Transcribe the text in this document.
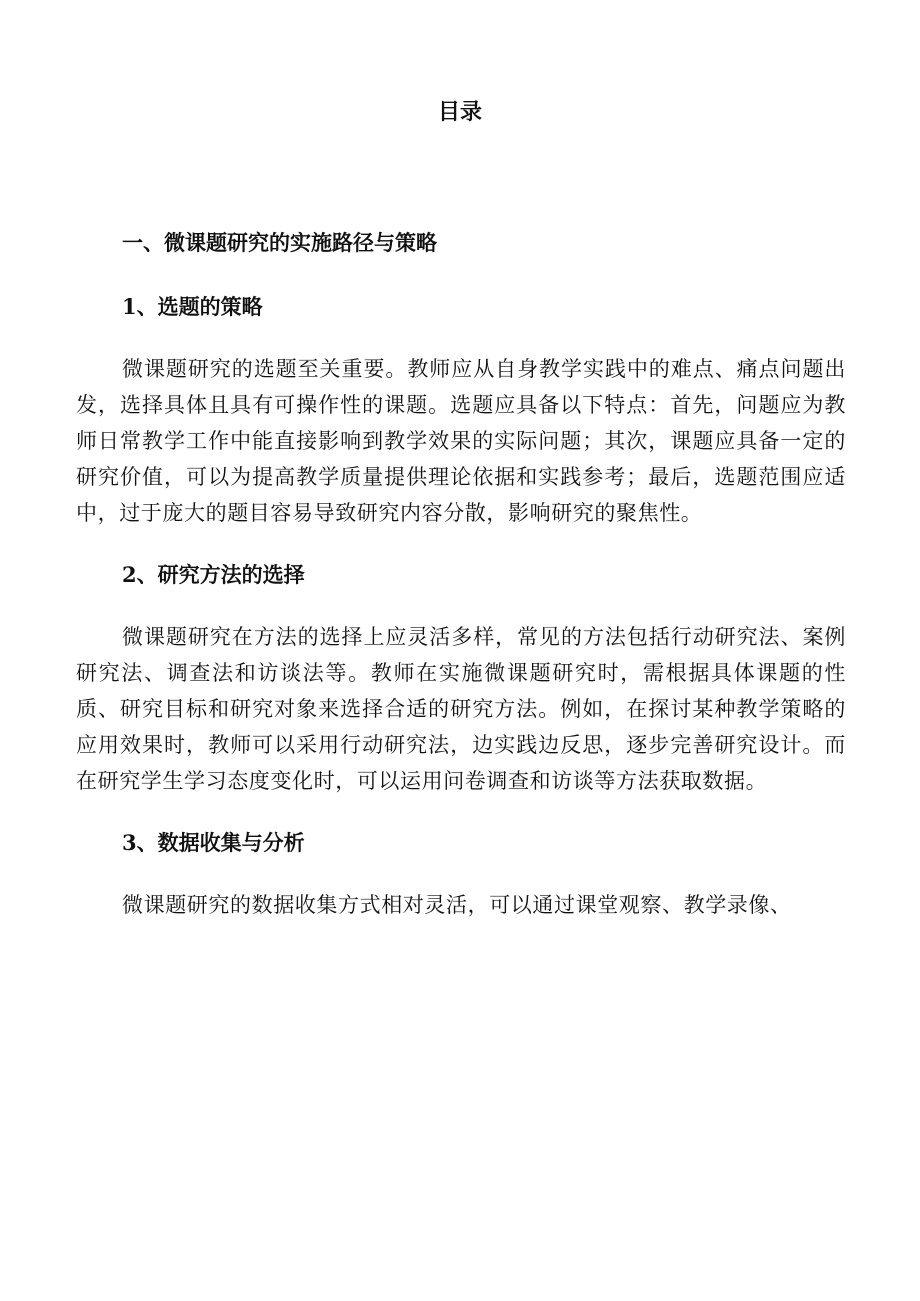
目录
一、微课题研究的实施路径与策略
1、选题的策略

微课题研究的选题至关重要。教师应从自身教学实践中的难点、痛点问题出发，选择具体且具有可操作性的课题。选题应具备以下特点：首先，问题应为教师日常教学工作中能直接影响到教学效果的实际问题；其次，课题应具备一定的研究价值，可以为提高教学质量提供理论依据和实践参考；最后，选题范围应适中，过于庞大的题目容易导致研究内容分散，影响研究的聚焦性。

2、研究方法的选择

微课题研究在方法的选择上应灵活多样，常见的方法包括行动研究法、案例研究法、调查法和访谈法等。教师在实施微课题研究时，需根据具体课题的性质、研究目标和研究对象来选择合适的研究方法。例如，在探讨某种教学策略的应用效果时，教师可以采用行动研究法，边实践边反思，逐步完善研究设计。而在研究学生学习态度变化时，可以运用问卷调查和访谈等方法获取数据。

3、数据收集与分析

微课题研究的数据收集方式相对灵活，可以通过课堂观察、教学录像、
